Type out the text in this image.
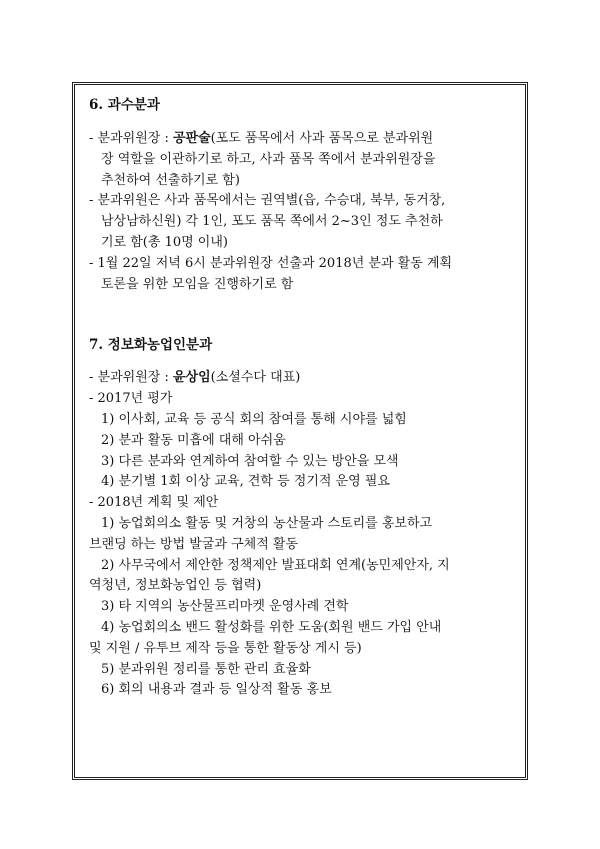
6. 과수분과

- 분과위원장 : 공판술(포도 품목에서 사과 품목으로 분과위원

장 역할을 이관하기로 하고, 사과 품목 쪽에서 분과위원장을

추천하여 선출하기로 함)

- 분과위원은 사과 품목에서는 권역별(읍, 수승대, 북부, 동거창,

남상남하신원) 각 1인, 포도 품목 쪽에서 2~3인 정도 추천하

기로 함(총 10명 이내)

- 1월 22일 저녁 6시 분과위원장 선출과 2018년 분과 활동 계획

토론을 위한 모임을 진행하기로 함

7. 정보화농업인분과

- 분과위원장 : 윤상임(소셜수다 대표)

- 2017년 평가

1) 이사회, 교육 등 공식 회의 참여를 통해 시야를 넓힘

2) 분과 활동 미흡에 대해 아쉬움

3) 다른 분과와 연계하여 참여할 수 있는 방안을 모색

4) 분기별 1회 이상 교육, 견학 등 정기적 운영 필요

- 2018년 계획 및 제안

1) 농업회의소 활동 및 거창의 농산물과 스토리를 홍보하고

브랜딩 하는 방법 발굴과 구체적 활동

2) 사무국에서 제안한 정책제안 발표대회 연계(농민제안자, 지

역청년, 정보화농업인 등 협력)

3) 타 지역의 농산물프리마켓 운영사례 견학

4) 농업회의소 밴드 활성화를 위한 도움(회원 밴드 가입 안내

및 지원 / 유투브 제작 등을 통한 활동상 게시 등)

5) 분과위원 정리를 통한 관리 효율화

6) 회의 내용과 결과 등 일상적 활동 홍보
